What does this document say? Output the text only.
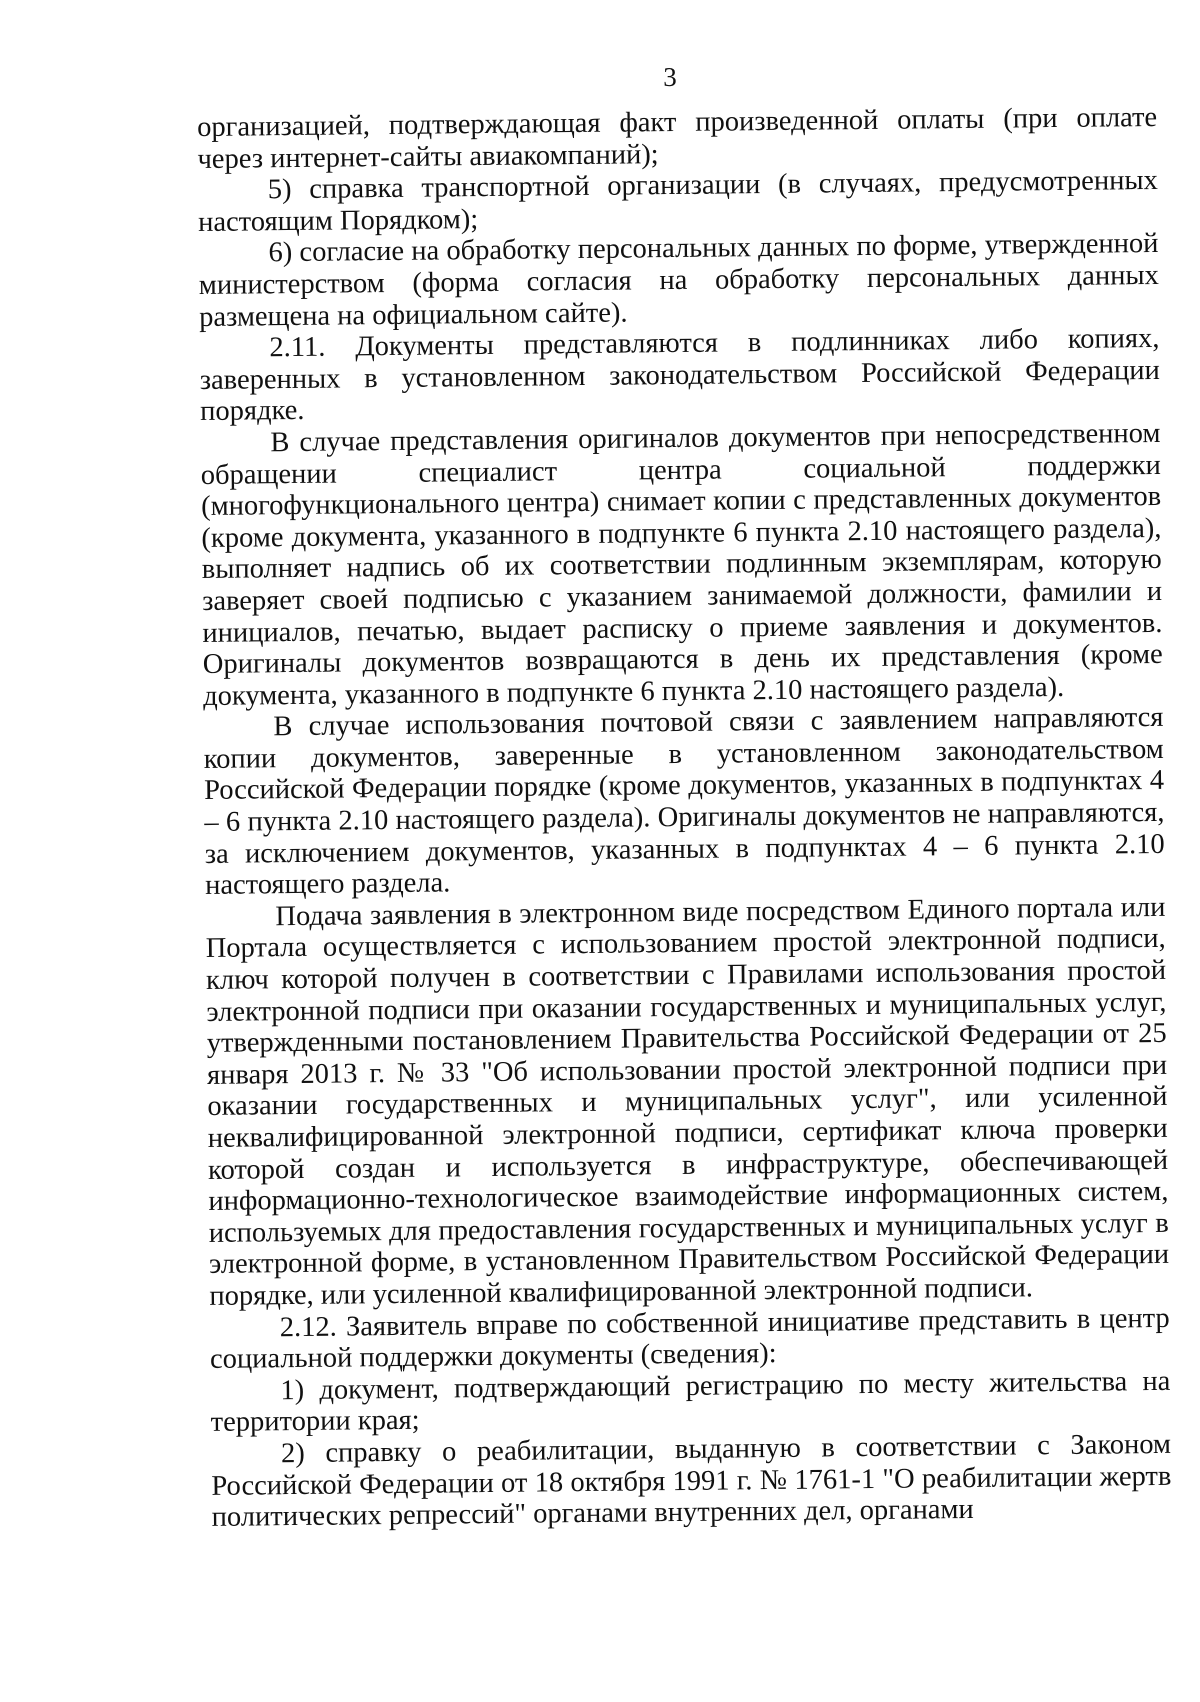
3

организацией, подтверждающая факт произведенной оплаты (при оплате через интернет-сайты авиакомпаний);

5) справка транспортной организации (в случаях, предусмотренных настоящим Порядком);

6) согласие на обработку персональных данных по форме, утвержденной министерством (форма согласия на обработку персональных данных размещена на официальном сайте).

2.11. Документы представляются в подлинниках либо копиях, заверенных в установленном законодательством Российской Федерации порядке.

В случае представления оригиналов документов при непосредственном обращении специалист центра социальной поддержки (многофункционального центра) снимает копии с представленных документов (кроме документа, указанного в подпункте 6 пункта 2.10 настоящего раздела), выполняет надпись об их соответствии подлинным экземплярам, которую заверяет своей подписью с указанием занимаемой должности, фамилии и инициалов, печатью, выдает расписку о приеме заявления и документов. Оригиналы документов возвращаются в день их представления (кроме документа, указанного в подпункте 6 пункта 2.10 настоящего раздела).

В случае использования почтовой связи с заявлением направляются копии документов, заверенные в установленном законодательством Российской Федерации порядке (кроме документов, указанных в подпунктах 4 – 6 пункта 2.10 настоящего раздела). Оригиналы документов не направляются, за исключением документов, указанных в подпунктах 4 – 6 пункта 2.10 настоящего раздела.

Подача заявления в электронном виде посредством Единого портала или Портала осуществляется с использованием простой электронной подписи, ключ которой получен в соответствии с Правилами использования простой электронной подписи при оказании государственных и муниципальных услуг, утвержденными постановлением Правительства Российской Федерации от 25 января 2013 г. № 33 "Об использовании простой электронной подписи при оказании государственных и муниципальных услуг", или усиленной неквалифицированной электронной подписи, сертификат ключа проверки которой создан и используется в инфраструктуре, обеспечивающей информационно-технологическое взаимодействие информационных систем, используемых для предоставления государственных и муниципальных услуг в электронной форме, в установленном Правительством Российской Федерации порядке, или усиленной квалифицированной электронной подписи.

2.12. Заявитель вправе по собственной инициативе представить в центр социальной поддержки документы (сведения):

1) документ, подтверждающий регистрацию по месту жительства на территории края;

2) справку о реабилитации, выданную в соответствии с Законом Российской Федерации от 18 октября 1991 г. № 1761-1 "О реабилитации жертв политических репрессий" органами внутренних дел, органами
